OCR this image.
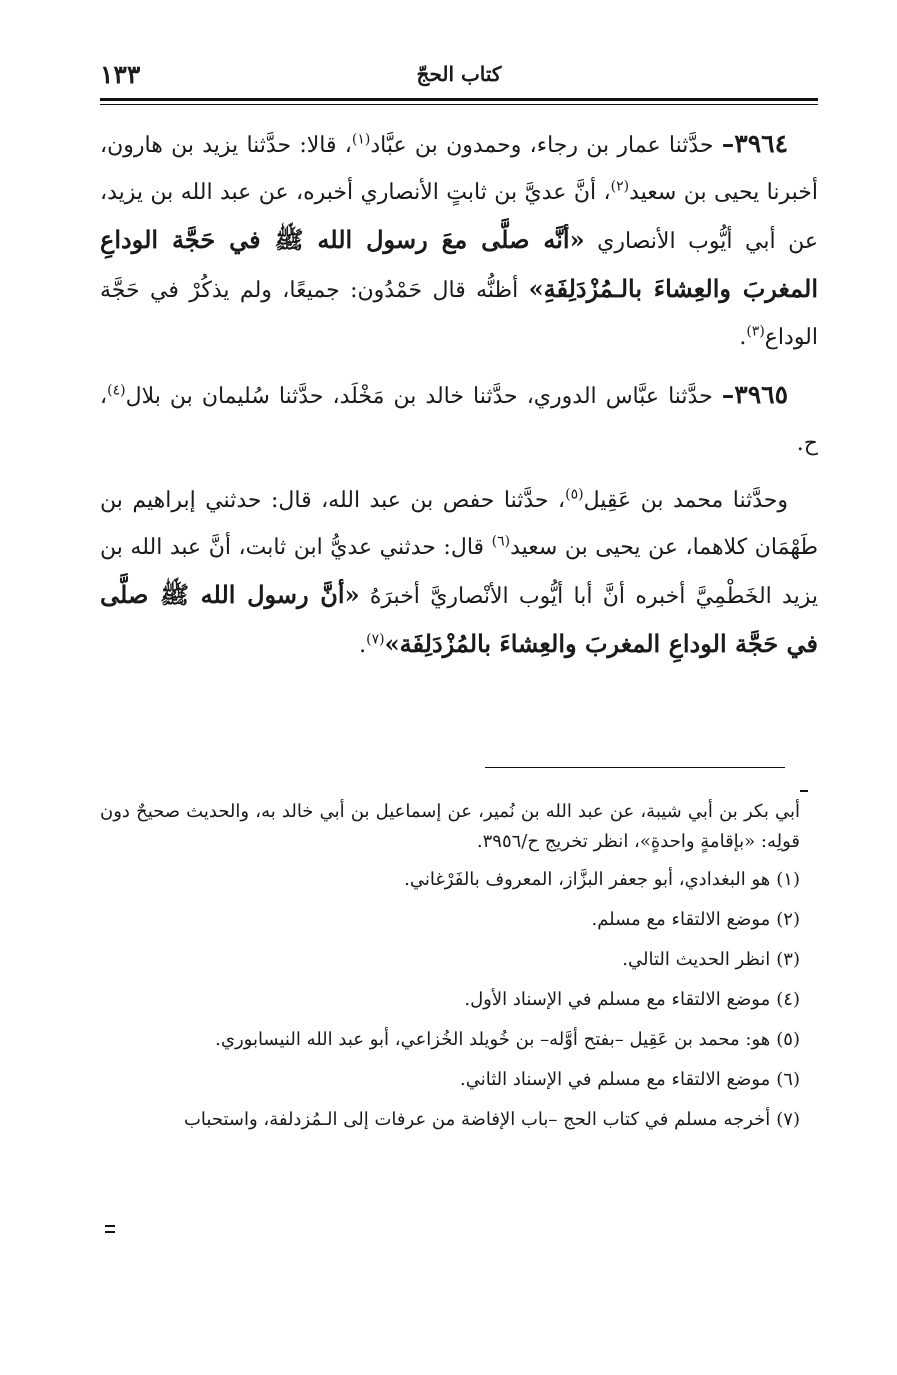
١٣٣	كتاب الحجّ

٣٩٦٤– حدَّثنا عمار بن رجاء، وحمدون بن عبَّاد$^{(١)}$، قالا: حدَّثنا يزيد بن هارون، أخبرنا يحيى بن سعيد$^{(٢)}$، أنَّ عديَّ بن ثابتٍ الأنصاري أخبره، عن عبد الله بن يزيد، عن أبي أيُّوب الأنصاري «أنَّه صلَّى معَ رسول الله ﷺ في حَجَّة الوداعِ المغربَ والعِشاءَ بالـمُزْدَلِفَةِ» أظنُّه قال حَمْدُون: جميعًا، ولم يذكُرْ في حَجَّة الوداع$^{(٣)}$.

٣٩٦٥– حدَّثنا عبَّاس الدوري، حدَّثنا خالد بن مَخْلَد، حدَّثنا سُليمان بن بلال$^{(٤)}$، ح.

وحدَّثنا محمد بن عَقِيل$^{(٥)}$، حدَّثنا حفص بن عبد الله، قال: حدثني إبراهيم بن طَهْمَان كلاهما، عن يحيى بن سعيد$^{(٦)}$ قال: حدثني عديُّ ابن ثابت، أنَّ عبد الله بن يزيد الخَطْمِيَّ أخبره أنَّ أبا أيُّوب الأنْصاريَّ أخبرَهُ «أنَّ رسول الله ﷺ صلَّى في حَجَّة الوداعِ المغربَ والعِشاءَ بالمُزْدَلِفَة»$^{(٧)}$.

أبي بكر بن أبي شيبة، عن عبد الله بن نُمير، عن إسماعيل بن أبي خالد به، والحديث صحيحٌ دون قولِه: «بإقامةٍ واحدةٍ»، انظر تخريج ح/٣٩٥٦.

(١)هو البغدادي، أبو جعفر البزَّاز، المعروف بالفَرْغاني.
(٢)موضع الالتقاء مع مسلم.
(٣)انظر الحديث التالي.
(٤)موضع الالتقاء مع مسلم في الإسناد الأول.
(٥)هو: محمد بن عَقِيل –بفتح أوَّله– بن خُويلد الخُزاعي، أبو عبد الله النيسابوري.
(٦)موضع الالتقاء مع مسلم في الإسناد الثاني.
(٧)أخرجه مسلم في كتاب الحج –باب الإفاضة من عرفات إلى الـمُزدلفة، واستحباب
